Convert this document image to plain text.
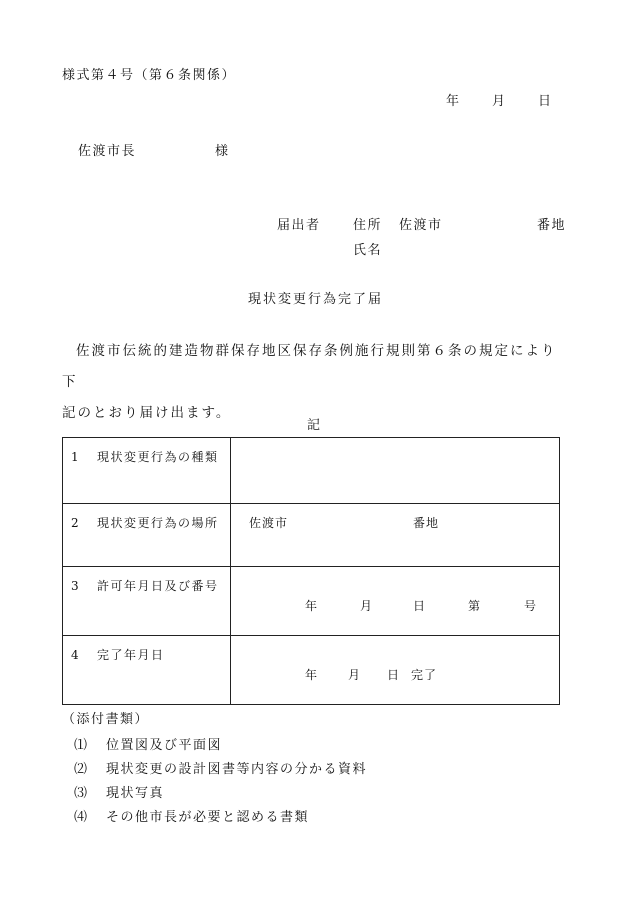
様式第４号（第６条関係）
年	月	日
佐渡市長	様
届出者 住所 佐渡市	番地
氏名
現状変更行為完了届

佐渡市伝統的建造物群保存地区保存条例施行規則第６条の規定により下

記のとおり届け出ます。

記
1 現状変更行為の種類	

2 現状変更行為の場所	佐渡市 番地

3 許可年月日及び番号	年 月 日 第 号

4 完了年月日	年 月 日 完了
（添付書類）
⑴ 位置図及び平面図
⑵ 現状変更の設計図書等内容の分かる資料
⑶ 現状写真
⑷ その他市長が必要と認める書類
